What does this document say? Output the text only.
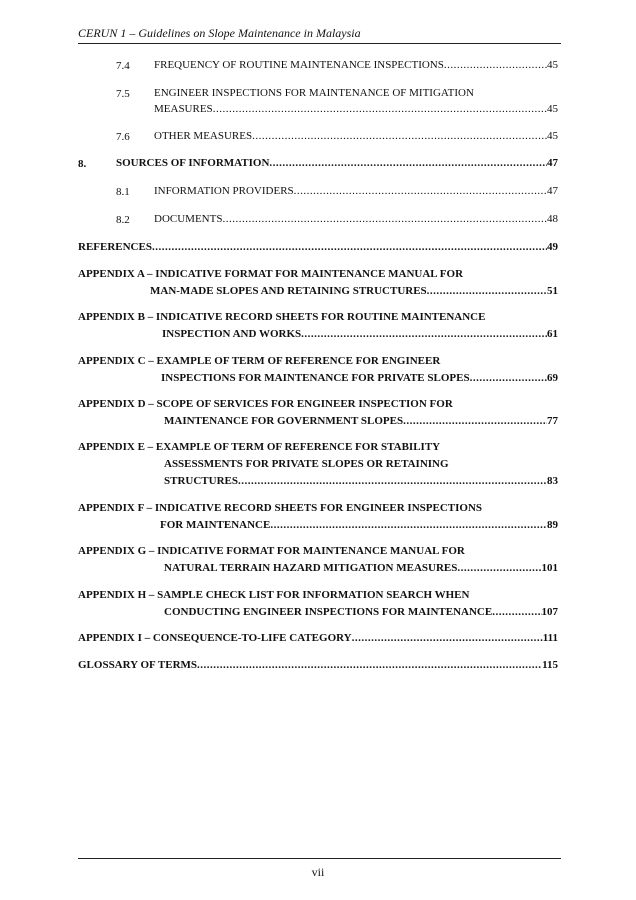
CERUN 1 – Guidelines on Slope Maintenance in Malaysia
7.4 FREQUENCY OF ROUTINE MAINTENANCE INSPECTIONS .....	45
7.5 ENGINEER INSPECTIONS FOR MAINTENANCE OF MITIGATION
MEASURES .....	45
7.6 OTHER MEASURES .....	45
8.	SOURCES OF INFORMATION .....	47
8.1 INFORMATION PROVIDERS .....	47
8.2 DOCUMENTS .....	48
REFERENCES .....	49
APPENDIX A – INDICATIVE FORMAT FOR MAINTENANCE MANUAL FOR
MAN-MADE SLOPES AND RETAINING STRUCTURES .....	51
APPENDIX B – INDICATIVE RECORD SHEETS FOR ROUTINE MAINTENANCE
INSPECTION AND WORKS .....	61
APPENDIX C – EXAMPLE OF TERM OF REFERENCE FOR ENGINEER
INSPECTIONS FOR MAINTENANCE FOR PRIVATE SLOPES .....	69
APPENDIX D – SCOPE OF SERVICES FOR ENGINEER INSPECTION FOR
MAINTENANCE FOR GOVERNMENT SLOPES .....	77
APPENDIX E – EXAMPLE OF TERM OF REFERENCE FOR STABILITY
ASSESSMENTS FOR PRIVATE SLOPES OR RETAINING
STRUCTURES .....	83
APPENDIX F – INDICATIVE RECORD SHEETS FOR ENGINEER INSPECTIONS
FOR MAINTENANCE .....	89
APPENDIX G – INDICATIVE FORMAT FOR MAINTENANCE MANUAL FOR
NATURAL TERRAIN HAZARD MITIGATION MEASURES .....	101
APPENDIX H – SAMPLE CHECK LIST FOR INFORMATION SEARCH WHEN
CONDUCTING ENGINEER INSPECTIONS FOR MAINTENANCE .....	107
APPENDIX I – CONSEQUENCE-TO-LIFE CATEGORY .....	111
GLOSSARY OF TERMS .....	115
vii
